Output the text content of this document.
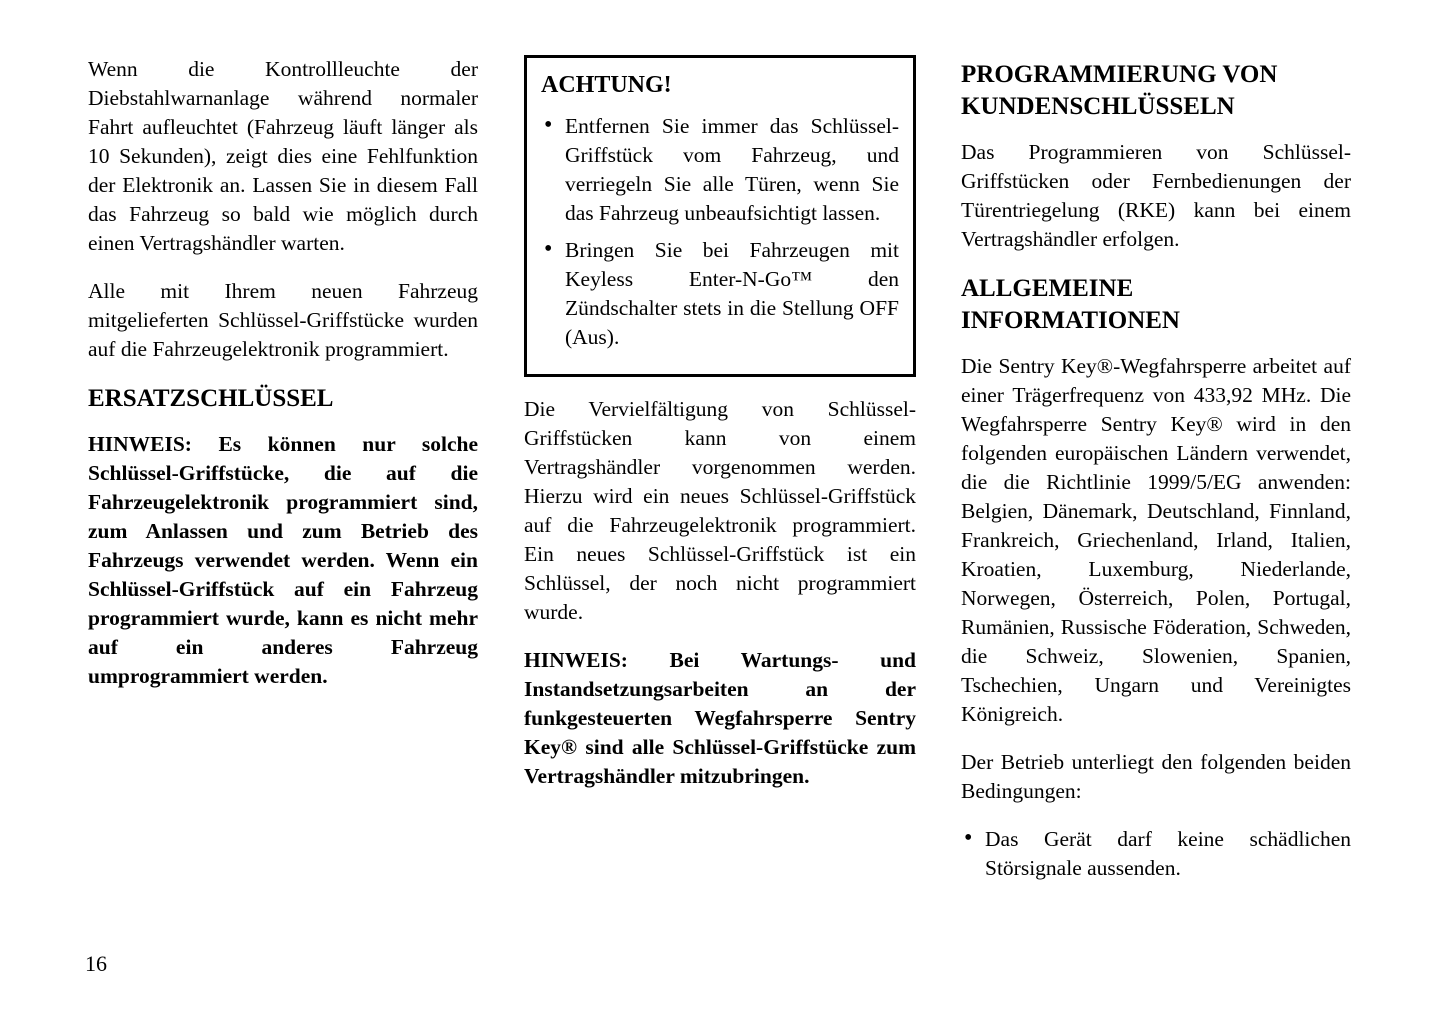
Wenn die Kontrollleuchte der Diebstahlwarnanlage während normaler Fahrt aufleuchtet (Fahrzeug läuft länger als 10 Sekunden), zeigt dies eine Fehlfunktion der Elektronik an. Lassen Sie in diesem Fall das Fahrzeug so bald wie möglich durch einen Vertragshändler warten.

Alle mit Ihrem neuen Fahrzeug mitgelieferten Schlüssel-Griffstücke wurden auf die Fahrzeugelektronik programmiert.

ERSATZSCHLÜSSEL

HINWEIS: Es können nur solche Schlüssel-Griffstücke, die auf die Fahrzeugelektronik programmiert sind, zum Anlassen und zum Betrieb des Fahrzeugs verwendet werden. Wenn ein Schlüssel-Griffstück auf ein Fahrzeug programmiert wurde, kann es nicht mehr auf ein anderes Fahrzeug umprogrammiert werden.

ACHTUNG!
• Entfernen Sie immer das Schlüssel-Griffstück vom Fahrzeug, und verriegeln Sie alle Türen, wenn Sie das Fahrzeug unbeaufsichtigt lassen.
• Bringen Sie bei Fahrzeugen mit Keyless Enter-N-Go™ den Zündschalter stets in die Stellung OFF (Aus).

Die Vervielfältigung von Schlüssel-Griffstücken kann von einem Vertragshändler vorgenommen werden. Hierzu wird ein neues Schlüssel-Griffstück auf die Fahrzeugelektronik programmiert. Ein neues Schlüssel-Griffstück ist ein Schlüssel, der noch nicht programmiert wurde.

HINWEIS: Bei Wartungs- und Instandsetzungsarbeiten an der funkgesteuerten Wegfahrsperre Sentry Key® sind alle Schlüssel-Griffstücke zum Vertragshändler mitzubringen.

PROGRAMMIERUNG VON KUNDENSCHLÜSSELN

Das Programmieren von Schlüssel-Griffstücken oder Fernbedienungen der Türentriegelung (RKE) kann bei einem Vertragshändler erfolgen.

ALLGEMEINE INFORMATIONEN

Die Sentry Key®-Wegfahrsperre arbeitet auf einer Trägerfrequenz von 433,92 MHz. Die Wegfahrsperre Sentry Key® wird in den folgenden europäischen Ländern verwendet, die die Richtlinie 1999/5/EG anwenden: Belgien, Dänemark, Deutschland, Finnland, Frankreich, Griechenland, Irland, Italien, Kroatien, Luxemburg, Niederlande, Norwegen, Österreich, Polen, Portugal, Rumänien, Russische Föderation, Schweden, die Schweiz, Slowenien, Spanien, Tschechien, Ungarn und Vereinigtes Königreich.

Der Betrieb unterliegt den folgenden beiden Bedingungen:

• Das Gerät darf keine schädlichen Störsignale aussenden.
16
